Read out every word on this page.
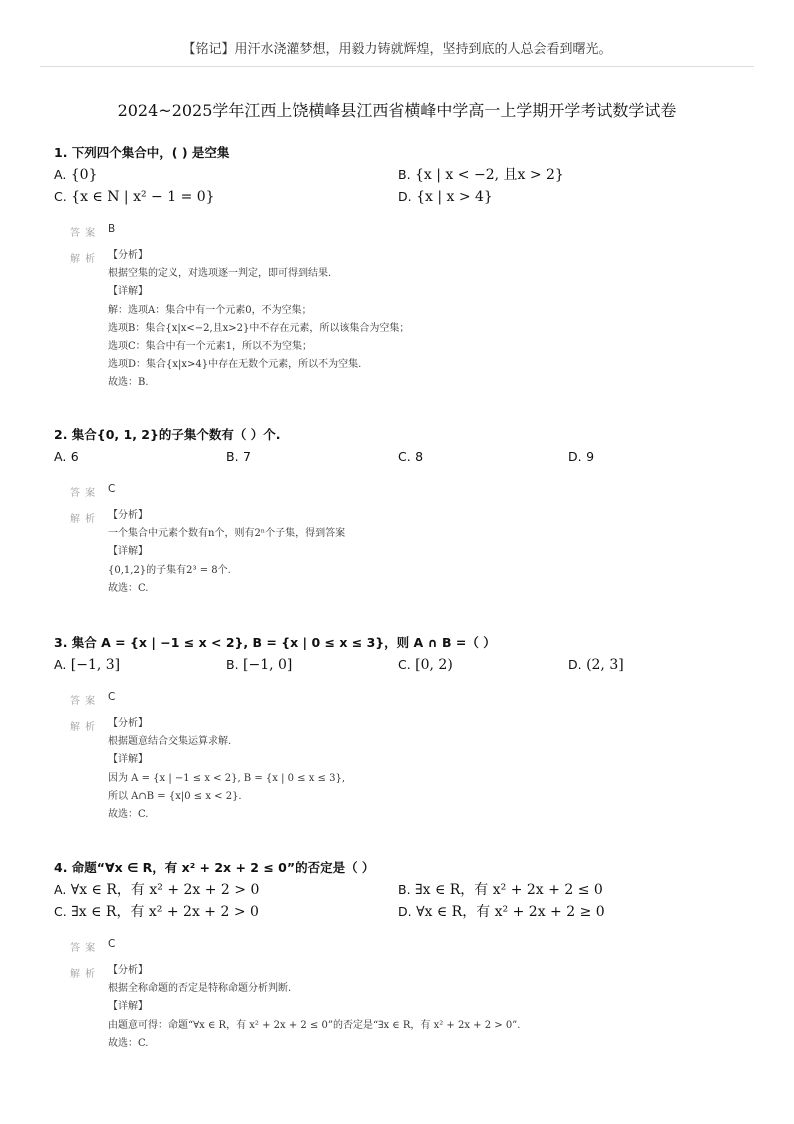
【铭记】用汗水浇灌梦想，用毅力铸就辉煌，坚持到底的人总会看到曙光。
2024~2025学年江西上饶横峰县江西省横峰中学高一上学期开学考试数学试卷
1. 下列四个集合中，( ) 是空集
A. {0}	B. {x | x < −2, 且x > 2}
C. {x ∈ N | x² − 1 = 0}	D. {x | x > 4}
答 案 B
解 析 【分析】
根据空集的定义，对选项逐一判定，即可得到结果.
【详解】
解：选项A：集合中有一个元素0，不为空集；
选项B：集合{x|x<−2,且x>2}中不存在元素，所以该集合为空集；
选项C：集合中有一个元素1，所以不为空集；
选项D：集合{x|x>4}中存在无数个元素，所以不为空集.
故选：B.
2. 集合{0, 1, 2}的子集个数有（ ）个.
A. 6	B. 7	C. 8	D. 9
答 案 C
解 析 【分析】
一个集合中元素个数有n个，则有2ⁿ个子集，得到答案
【详解】
{0,1,2}的子集有2³ = 8个.
故选：C.
3. 集合 A = {x | −1 ≤ x < 2}, B = {x | 0 ≤ x ≤ 3}，则 A ∩ B =（ ）
A. [−1, 3]	B. [−1, 0]	C. [0, 2)	D. (2, 3]
答 案 C
解 析 【分析】
根据题意结合交集运算求解.
【详解】
因为 A = {x | −1 ≤ x < 2}, B = {x | 0 ≤ x ≤ 3},
所以 A∩B = {x|0 ≤ x < 2}.
故选：C.
4. 命题“∀x ∈ R，有 x² + 2x + 2 ≤ 0”的否定是（ ）
A. ∀x ∈ R，有 x² + 2x + 2 > 0	B. ∃x ∈ R，有 x² + 2x + 2 ≤ 0
C. ∃x ∈ R，有 x² + 2x + 2 > 0	D. ∀x ∈ R，有 x² + 2x + 2 ≥ 0
答 案 C
解 析 【分析】
根据全称命题的否定是特称命题分析判断.
【详解】
由题意可得：命题“∀x ∈ R，有 x² + 2x + 2 ≤ 0”的否定是“∃x ∈ R，有 x² + 2x + 2 > 0”.
故选：C.
